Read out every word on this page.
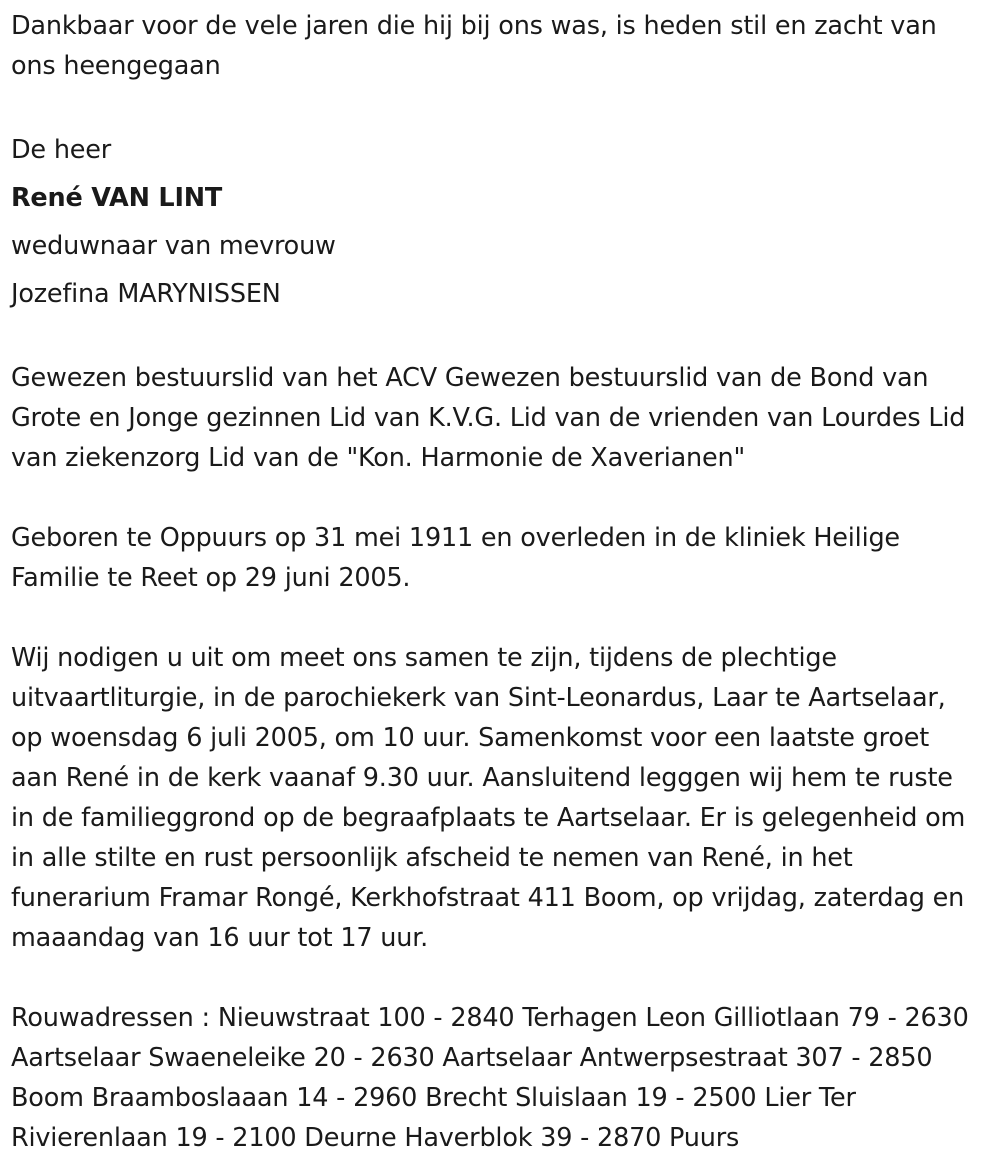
Dankbaar voor de vele jaren die hij bij ons was, is heden stil en zacht van ons heengegaan

De heer
René VAN LINT
weduwnaar van mevrouw
Jozefina MARYNISSEN

Gewezen bestuurslid van het ACV Gewezen bestuurslid van de Bond van Grote en Jonge gezinnen Lid van K.V.G. Lid van de vrienden van Lourdes Lid van ziekenzorg Lid van de "Kon. Harmonie de Xaverianen"

Geboren te Oppuurs op 31 mei 1911 en overleden in de kliniek Heilige Familie te Reet op 29 juni 2005.

Wij nodigen u uit om meet ons samen te zijn, tijdens de plechtige uitvaartliturgie, in de parochiekerk van Sint-Leonardus, Laar te Aartselaar, op woensdag 6 juli 2005, om 10 uur. Samenkomst voor een laatste groet aan René in de kerk vaanaf 9.30 uur. Aansluitend legggen wij hem te ruste in de familieggrond op de begraafplaats te Aartselaar. Er is gelegenheid om in alle stilte en rust persoonlijk afscheid te nemen van René, in het funerarium Framar Rongé, Kerkhofstraat 411 Boom, op vrijdag, zaterdag en maaandag van 16 uur tot 17 uur.

Rouwadressen : Nieuwstraat 100 - 2840 Terhagen Leon Gilliotlaan 79 - 2630 Aartselaar Swaeneleike 20 - 2630 Aartselaar Antwerpsestraat 307 - 2850 Boom Braamboslaaan 14 - 2960 Brecht Sluislaan 19 - 2500 Lier Ter Rivierenlaan 19 - 2100 Deurne Haverblok 39 - 2870 Puurs
